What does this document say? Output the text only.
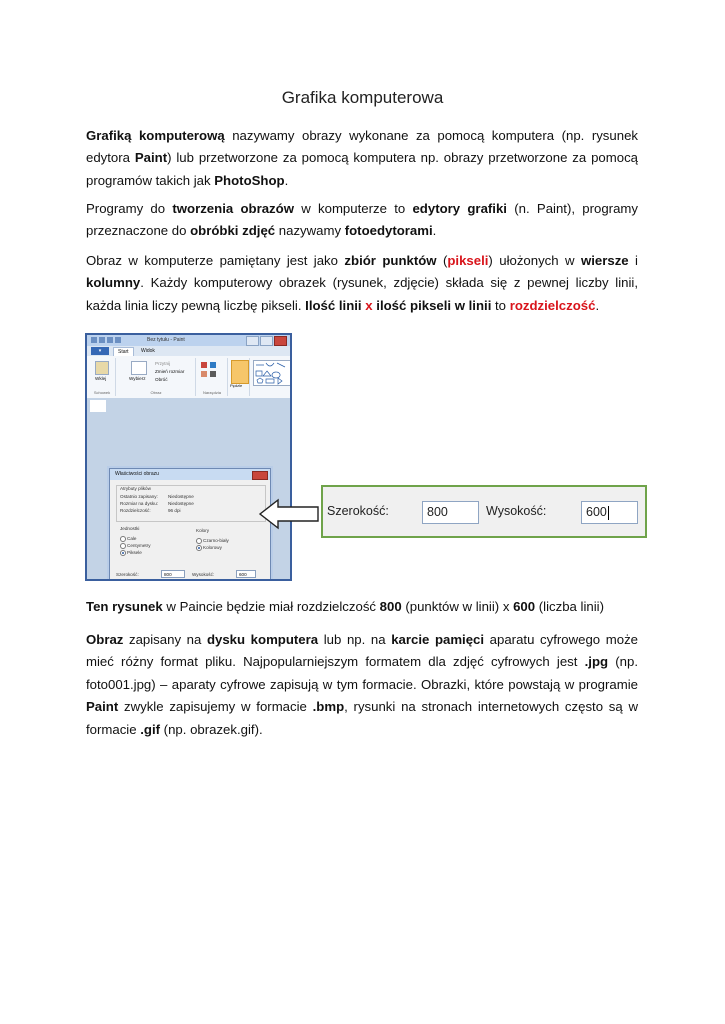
Grafika komputerowa
Grafiką komputerową nazywamy obrazy wykonane za pomocą komputera (np. rysunek edytora Paint) lub przetworzone za pomocą komputera np. obrazy przetworzone za pomocą programów takich jak PhotoShop.
Programy do tworzenia obrazów w komputerze to edytory grafiki (n. Paint), programy przeznaczone do obróbki zdjęć nazywamy fotoedytorami.
Obraz w komputerze pamiętany jest jako zbiór punktów (pikseli) ułożonych w wiersze i kolumny. Każdy komputerowy obrazek (rysunek, zdjęcie) składa się z pewnej liczby linii, każda linia liczy pewną liczbę pikseli. Ilość linii x ilość pikseli w linii to rozdzielczość.
Bez tytułu - Paint
▾	Start	Widok
Wklej
Schowek
Wybierz
Przytnij
Zmień rozmiar
Obróć
Obraz	Narzędzia
Pędzle
Właściwości obrazu
Atrybuty plików
Ostatnio zapisany: Niedostępne
Rozmiar na dysku: Niedostępne
Rozdzielczość:	96 dpi
Jednostki
Cale
Centymetry
Piksele
Kolory
Czarno-biały
Kolorowy
Szerokość:	800	Wysokość:	600
Szerokość:	800	Wysokość:	600
Ten rysunek w Paincie będzie miał rozdzielczość 800 (punktów w linii) x 600 (liczba linii)
Obraz zapisany na dysku komputera lub np. na karcie pamięci aparatu cyfrowego może mieć różny format pliku. Najpopularniejszym formatem dla zdjęć cyfrowych jest .jpg (np. foto001.jpg) – aparaty cyfrowe zapisują w tym formacie. Obrazki, które powstają w programie Paint zwykle zapisujemy w formacie .bmp, rysunki na stronach internetowych często są w formacie .gif (np. obrazek.gif).
